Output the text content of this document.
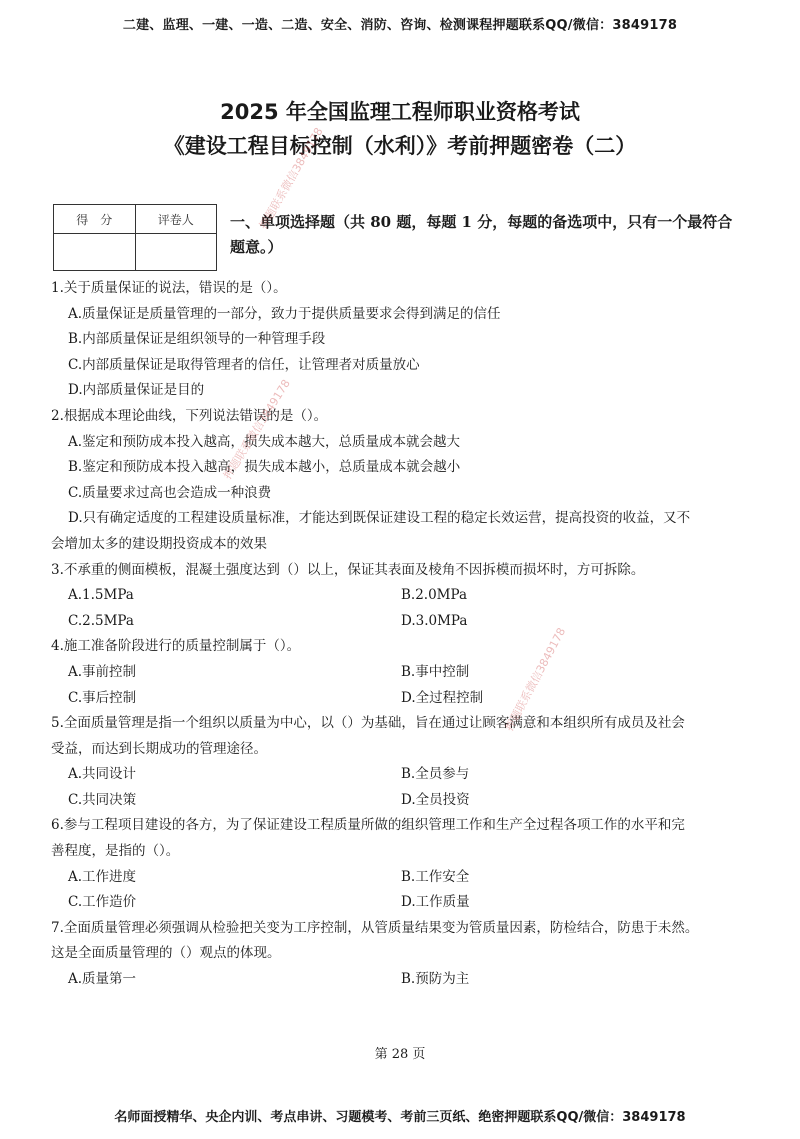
二建、监理、一建、一造、二造、安全、消防、咨询、检测课程押题联系QQ/微信：3849178
2025 年全国监理工程师职业资格考试
《建设工程目标控制（水利）》考前押题密卷（二）
得　分	评卷人
	一、单项选择题（共 80 题，每题 1 分，每题的备选项中，只有一个最符合题意。）
1.关于质量保证的说法，错误的是（）。
A.质量保证是质量管理的一部分，致力于提供质量要求会得到满足的信任
B.内部质量保证是组织领导的一种管理手段
C.内部质量保证是取得管理者的信任，让管理者对质量放心
D.内部质量保证是目的
2.根据成本理论曲线，下列说法错误的是（）。
A.鉴定和预防成本投入越高，损失成本越大，总质量成本就会越大
B.鉴定和预防成本投入越高，损失成本越小，总质量成本就会越小
C.质量要求过高也会造成一种浪费
D.只有确定适度的工程建设质量标准，才能达到既保证建设工程的稳定长效运营，提高投资的收益，又不
会增加太多的建设期投资成本的效果
3.不承重的侧面模板，混凝土强度达到（）以上，保证其表面及棱角不因拆模而损坏时，方可拆除。
A.1.5MPa	B.2.0MPa
C.2.5MPa	D.3.0MPa
4.施工准备阶段进行的质量控制属于（）。
A.事前控制	B.事中控制
C.事后控制	D.全过程控制
5.全面质量管理是指一个组织以质量为中心，以（）为基础，旨在通过让顾客满意和本组织所有成员及社会
受益，而达到长期成功的管理途径。
A.共同设计	B.全员参与
C.共同决策	D.全员投资
6.参与工程项目建设的各方，为了保证建设工程质量所做的组织管理工作和生产全过程各项工作的水平和完
善程度，是指的（）。
A.工作进度	B.工作安全
C.工作造价	D.工作质量
7.全面质量管理必须强调从检验把关变为工序控制，从管质量结果变为管质量因素，防检结合，防患于未然。
这是全面质量管理的（）观点的体现。
A.质量第一	B.预防为主
押题联系微信3849178
押题联系微信3849178
押题联系微信3849178
第 28 页
名师面授精华、央企内训、考点串讲、习题模考、考前三页纸、绝密押题联系QQ/微信：3849178
